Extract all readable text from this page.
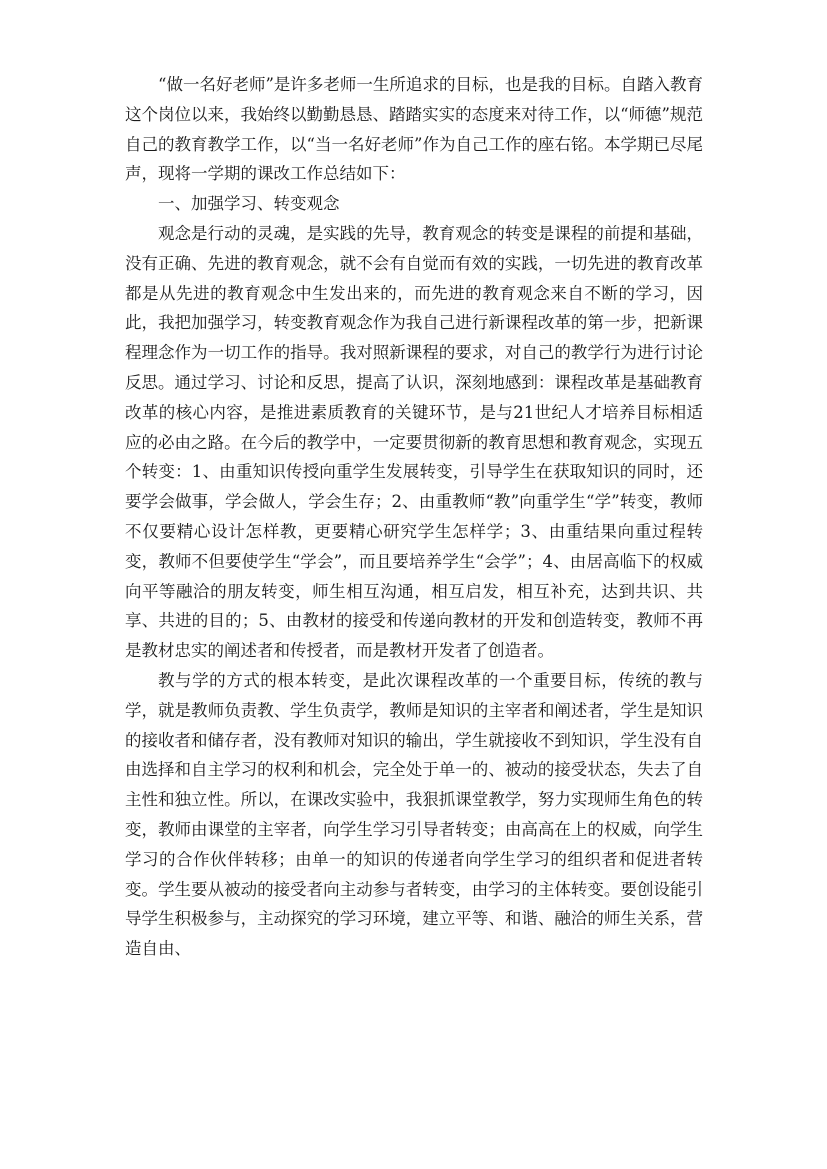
“做一名好老师”是许多老师一生所追求的目标，也是我的目标。自踏入教育这个岗位以来，我始终以勤勤恳恳、踏踏实实的态度来对待工作，以“师德”规范自己的教育教学工作，以“当一名好老师”作为自己工作的座右铭。本学期已尽尾声，现将一学期的课改工作总结如下：

一、加强学习、转变观念

观念是行动的灵魂，是实践的先导，教育观念的转变是课程的前提和基础，没有正确、先进的教育观念，就不会有自觉而有效的实践，一切先进的教育改革都是从先进的教育观念中生发出来的，而先进的教育观念来自不断的学习，因此，我把加强学习，转变教育观念作为我自己进行新课程改革的第一步，把新课程理念作为一切工作的指导。我对照新课程的要求，对自己的教学行为进行讨论反思。通过学习、讨论和反思，提高了认识，深刻地感到：课程改革是基础教育改革的核心内容，是推进素质教育的关键环节，是与21世纪人才培养目标相适应的必由之路。在今后的教学中，一定要贯彻新的教育思想和教育观念，实现五个转变：1、由重知识传授向重学生发展转变，引导学生在获取知识的同时，还要学会做事，学会做人，学会生存；2、由重教师“教”向重学生“学”转变，教师不仅要精心设计怎样教，更要精心研究学生怎样学；3、由重结果向重过程转变，教师不但要使学生“学会”，而且要培养学生“会学”；4、由居高临下的权威向平等融洽的朋友转变，师生相互沟通，相互启发，相互补充，达到共识、共享、共进的目的；5、由教材的接受和传递向教材的开发和创造转变，教师不再是教材忠实的阐述者和传授者，而是教材开发者了创造者。

教与学的方式的根本转变，是此次课程改革的一个重要目标，传统的教与学，就是教师负责教、学生负责学，教师是知识的主宰者和阐述者，学生是知识的接收者和储存者，没有教师对知识的输出，学生就接收不到知识，学生没有自由选择和自主学习的权利和机会，完全处于单一的、被动的接受状态，失去了自主性和独立性。所以，在课改实验中，我狠抓课堂教学，努力实现师生角色的转变，教师由课堂的主宰者，向学生学习引导者转变；由高高在上的权威，向学生学习的合作伙伴转移；由单一的知识的传递者向学生学习的组织者和促进者转变。学生要从被动的接受者向主动参与者转变，由学习的主体转变。要创设能引导学生积极参与，主动探究的学习环境，建立平等、和谐、融洽的师生关系，营造自由、
